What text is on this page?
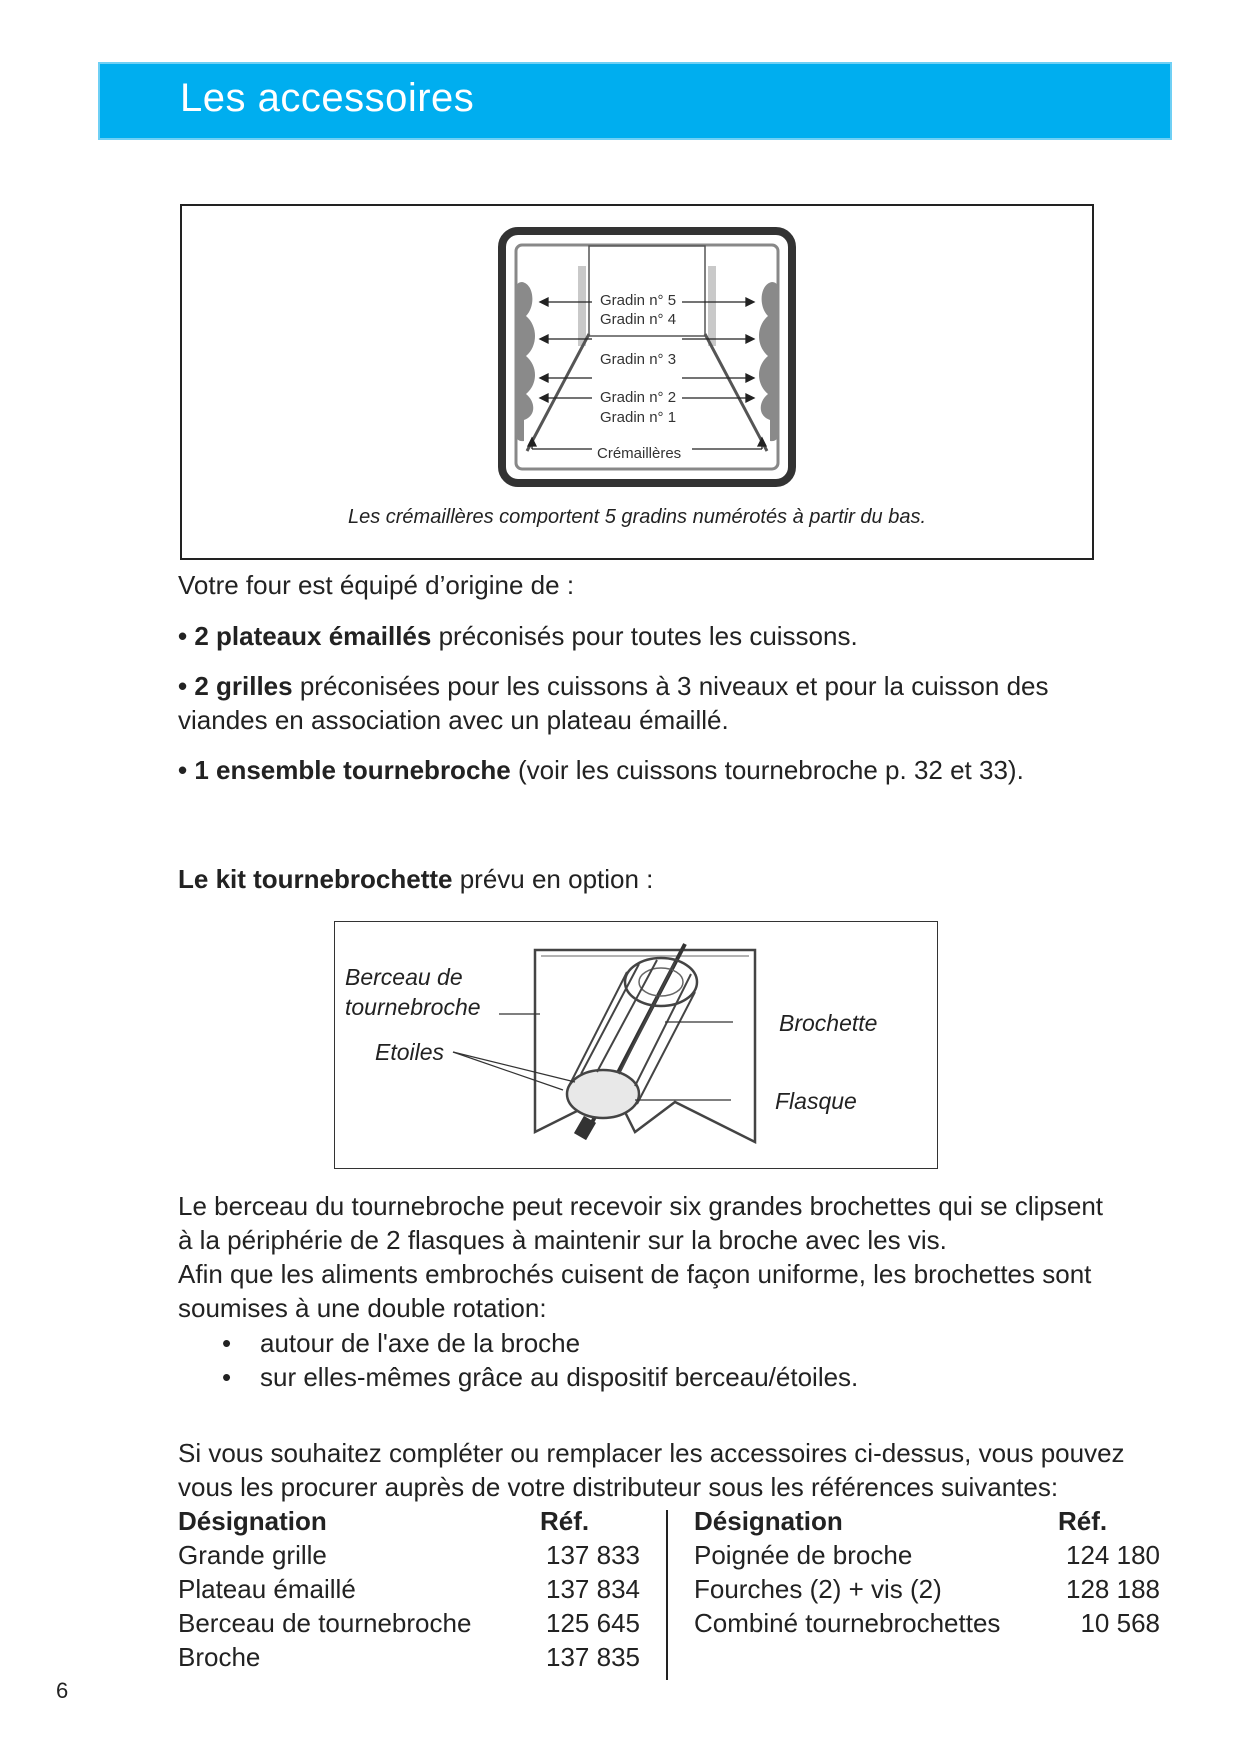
Les accessoires
Gradin n° 5
Gradin n° 4
Gradin n° 3
Gradin n° 2
Gradin n° 1
Crémaillères
Les crémaillères comportent 5 gradins numérotés à partir du bas.
Votre four est équipé d’origine de :
• 2 plateaux émaillés préconisés pour toutes les cuissons.
• 2 grilles préconisées pour les cuissons à 3 niveaux et pour la cuisson des
viandes en association avec un plateau émaillé.
• 1 ensemble tournebroche (voir les cuissons tournebroche p. 32 et 33).
Le kit tournebrochette prévu en option :
Berceau de
tournebroche
Etoiles
Brochette
Flasque
Le berceau du tournebroche peut recevoir six grandes brochettes qui se clipsent
à la périphérie de 2 flasques à maintenir sur la broche avec les vis.
Afin que les aliments embrochés cuisent de façon uniforme, les brochettes sont
soumises à une double rotation:
• autour de l'axe de la broche
• sur elles-mêmes grâce au dispositif berceau/étoiles.
Si vous souhaitez compléter ou remplacer les accessoires ci-dessus, vous pouvez
vous les procurer auprès de votre distributeur sous les références suivantes:
Désignation	Réf.
Grande grille	137 833
Plateau émaillé	137 834
Berceau de tournebroche	125 645
Broche	137 835
Désignation	Réf.
Poignée de broche	124 180
Fourches (2) + vis (2)	128 188
Combiné tournebrochettes	10 568
6
